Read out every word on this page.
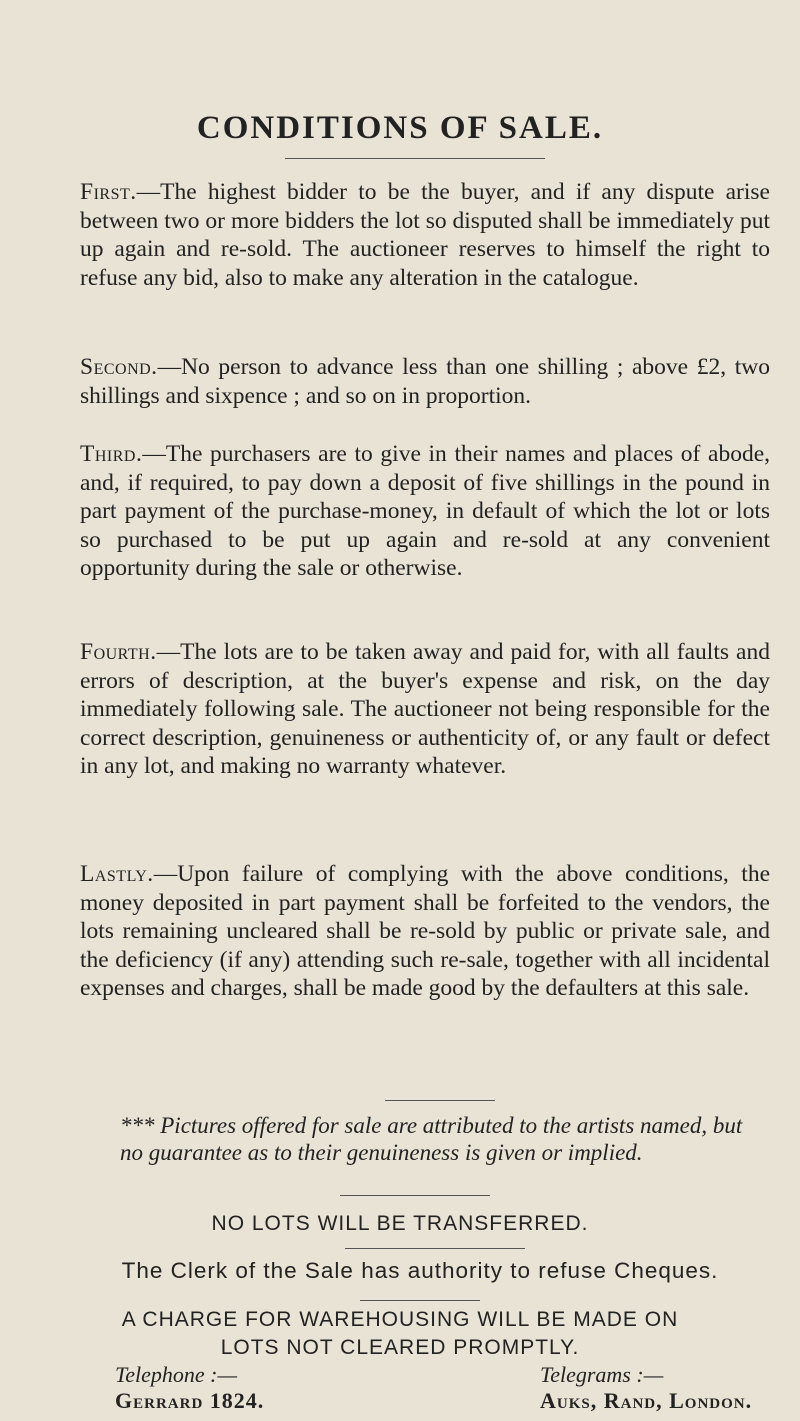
CONDITIONS OF SALE.
First.—The highest bidder to be the buyer, and if any dispute arise between two or more bidders the lot so disputed shall be immediately put up again and re-sold. The auctioneer reserves to himself the right to refuse any bid, also to make any alteration in the catalogue.
Second.—No person to advance less than one shilling ; above £2, two shillings and sixpence ; and so on in proportion.
Third.—The purchasers are to give in their names and places of abode, and, if required, to pay down a deposit of five shillings in the pound in part payment of the purchase-money, in default of which the lot or lots so purchased to be put up again and re-sold at any convenient opportunity during the sale or otherwise.
Fourth.—The lots are to be taken away and paid for, with all faults and errors of description, at the buyer's expense and risk, on the day immediately following sale. The auctioneer not being responsible for the correct description, genuineness or authenticity of, or any fault or defect in any lot, and making no warranty whatever.
Lastly.—Upon failure of complying with the above conditions, the money deposited in part payment shall be forfeited to the vendors, the lots remaining uncleared shall be re-sold by public or private sale, and the deficiency (if any) attending such re-sale, together with all incidental expenses and charges, shall be made good by the defaulters at this sale.
*** Pictures offered for sale are attributed to the artists named, but no guarantee as to their genuineness is given or implied.
NO LOTS WILL BE TRANSFERRED.
The Clerk of the Sale has authority to refuse Cheques.
A CHARGE FOR WAREHOUSING WILL BE MADE ON
LOTS NOT CLEARED PROMPTLY.
Telephone :—
Gerrard 1824.
Telegrams :—
Auks, Rand, London.
